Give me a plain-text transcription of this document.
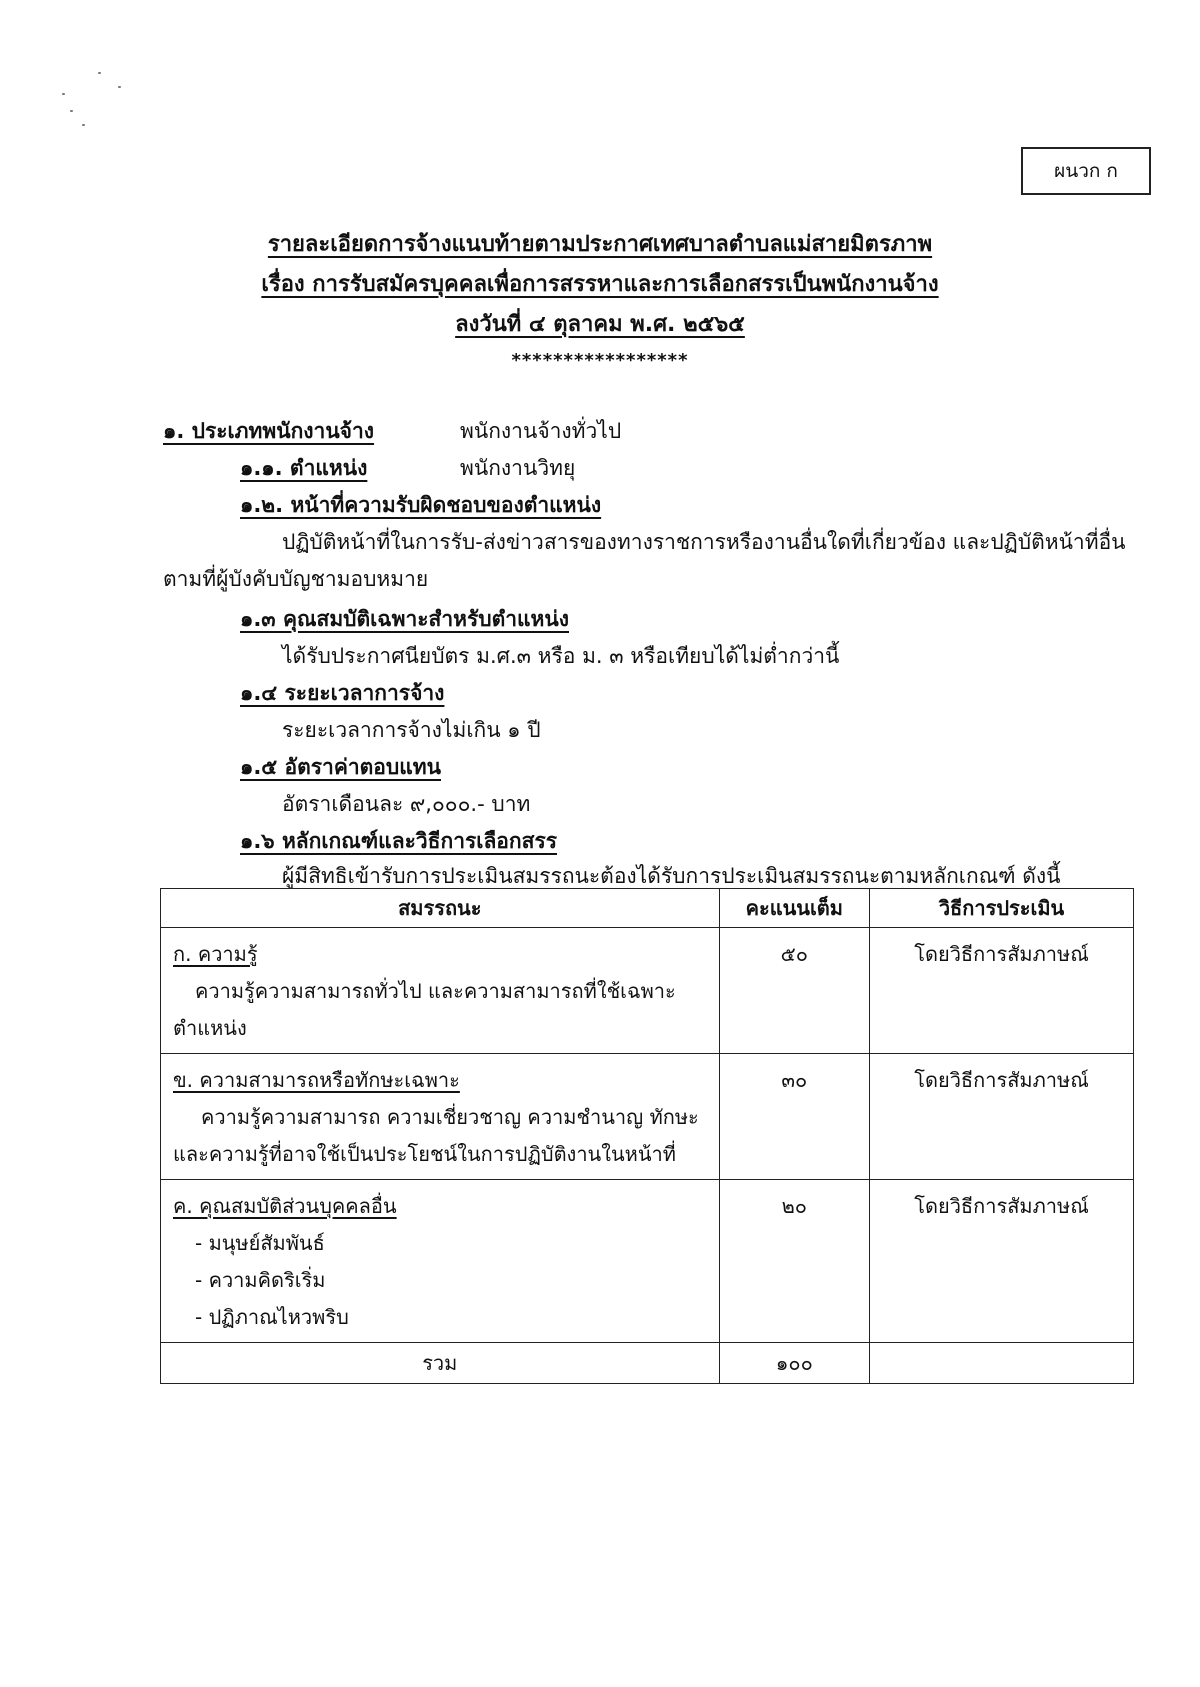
ผนวก ก
รายละเอียดการจ้างแนบท้ายตามประกาศเทศบาลตำบลแม่สายมิตรภาพ
เรื่อง การรับสมัครบุคคลเพื่อการสรรหาและการเลือกสรรเป็นพนักงานจ้าง
ลงวันที่ ๔ ตุลาคม พ.ศ. ๒๕๖๕
*****************
๑. ประเภทพนักงานจ้าง	พนักงานจ้างทั่วไป
๑.๑. ตำแหน่ง	พนักงานวิทยุ
๑.๒. หน้าที่ความรับผิดชอบของตำแหน่ง
ปฏิบัติหน้าที่ในการรับ-ส่งข่าวสารของทางราชการหรืองานอื่นใดที่เกี่ยวข้อง และปฏิบัติหน้าที่อื่น
ตามที่ผู้บังคับบัญชามอบหมาย
๑.๓ คุณสมบัติเฉพาะสำหรับตำแหน่ง
ได้รับประกาศนียบัตร ม.ศ.๓ หรือ ม. ๓ หรือเทียบได้ไม่ต่ำกว่านี้
๑.๔ ระยะเวลาการจ้าง
ระยะเวลาการจ้างไม่เกิน ๑ ปี
๑.๕ อัตราค่าตอบแทน
อัตราเดือนละ ๙,๐๐๐.- บาท
๑.๖ หลักเกณฑ์และวิธีการเลือกสรร
ผู้มีสิทธิเข้ารับการประเมินสมรรถนะต้องได้รับการประเมินสมรรถนะตามหลักเกณฑ์ ดังนี้
สมรรถนะ	คะแนนเต็ม	วิธีการประเมิน

ก. ความรู้
ความรู้ความสามารถทั่วไป และความสามารถที่ใช้เฉพาะ
ตำแหน่ง	๕๐	โดยวิธีการสัมภาษณ์

ข. ความสามารถหรือทักษะเฉพาะ
ความรู้ความสามารถ ความเชี่ยวชาญ ความชำนาญ ทักษะ
และความรู้ที่อาจใช้เป็นประโยชน์ในการปฏิบัติงานในหน้าที่	๓๐	โดยวิธีการสัมภาษณ์

ค. คุณสมบัติส่วนบุคคลอื่น
- มนุษย์สัมพันธ์
- ความคิดริเริ่ม
- ปฏิภาณไหวพริบ	๒๐	โดยวิธีการสัมภาษณ์
รวม	๑๐๐	
